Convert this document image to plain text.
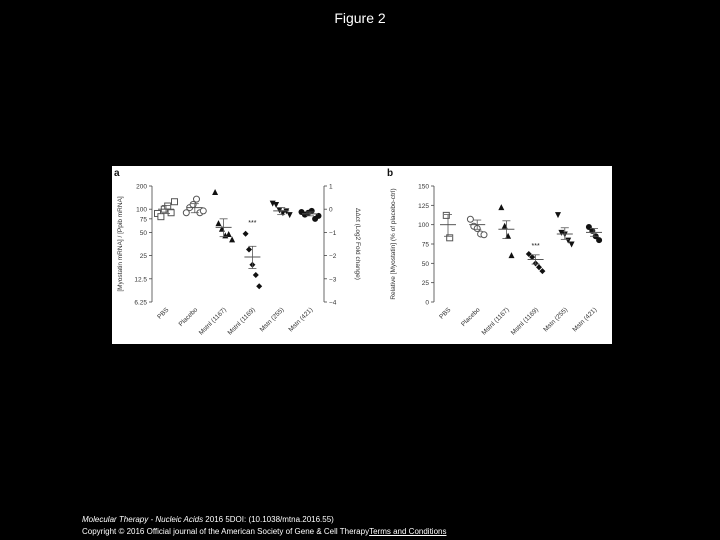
Figure 2
a
200
100
75
50
25
12.5
6.25
[Myostatin mRNA] / [Ppib mRNA]
1
0
−1
−2
−3
−4
ΔΔct (Log2 Fold change)
PBS Placebo
Mstnl (1167)
Mstnl (1169) Mstn (255) Mstn (421)
***
b
150
125
100
75
50
25
0
Relative [Myostatin] (% of placebo-ctrl)
PBS Placebo Mstnl (1167) Mstnl (1169) Mstn (255) Mstn (421)
***
Molecular Therapy - Nucleic Acids 2016 5DOI: (10.1038/mtna.2016.55)
Copyright © 2016 Official journal of the American Society of Gene & Cell TherapyTerms and Conditions
